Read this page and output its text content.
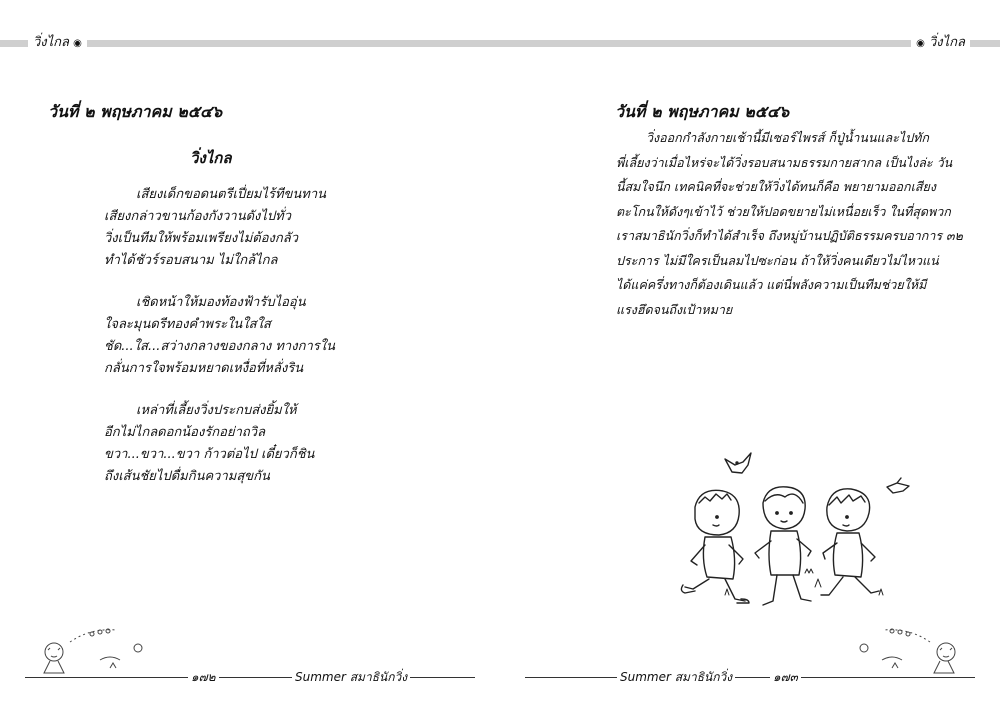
วิ่งไกล ◉	◉ วิ่งไกล
วันที่ ๒ พฤษภาคม ๒๕๔๖
วิ่งไกล
เสียงเด็กขอดนตรีเปี่ยมไร้ทีขนทาน
เสียงกล่าวขานก้องกังวานดังไปทั่ว
วิ่งเป็นทีมให้พร้อมเพรียงไม่ต้องกลัว
ทำได้ชัวร์รอบสนาม ไม่ใกล้ไกล
เชิดหน้าให้มองท้องฟ้ารับไออุ่น
ใจละมุนดรีทองคำพระในใสใส
ชัด...ใส...สว่างกลางของกลาง ทางการใน
กลั่นการใจพร้อมหยาดเหงื่อที่หลั่งริน
เหล่าที่เลี้ยงวิ่งประกบส่งยิ้มให้
อีกไม่ไกลดอกน้องรักอย่าถวิล
ขวา...ขวา...ขวา ก้าวต่อไป เดี๋ยวก็ชิน
ถึงเส้นชัยไปดื่มกินความสุขกัน
วันที่ ๒ พฤษภาคม ๒๕๔๖
วิ่งออกกำลังกายเช้านี้มีเซอร์ไพรส์ ก็ปู่น้ำนนและไปทัก
พี่เลี้ยงว่าเมื่อไหร่จะได้วิ่งรอบสนามธรรมกายสากล เป็นไงล่ะ วัน
นี้สมใจนึก เทคนิคที่จะช่วยให้วิ่งได้ทนก็คือ พยายามออกเสียง
ตะโกนให้ดังๆเข้าไว้ ช่วยให้ปอดขยายไม่เหนื่อยเร็ว ในที่สุดพวก
เราสมาธินักวิ่งก็ทำได้สำเร็จ ถึงหมู่บ้านปฏิบัติธรรมครบอาการ ๓๒
ประการ ไม่มีใครเป็นลมไปซะก่อน ถ้าให้วิ่งคนเดียวไม่ไหวแน่
ได้แค่ครึ่งทางก็ต้องเดินแล้ว แต่นี่พลังความเป็นทีมช่วยให้มี
แรงฮึดจนถึงเป้าหมาย
๑๗๒	Summer สมาธินักวิ่ง	Summer สมาธินักวิ่ง	๑๗๓
